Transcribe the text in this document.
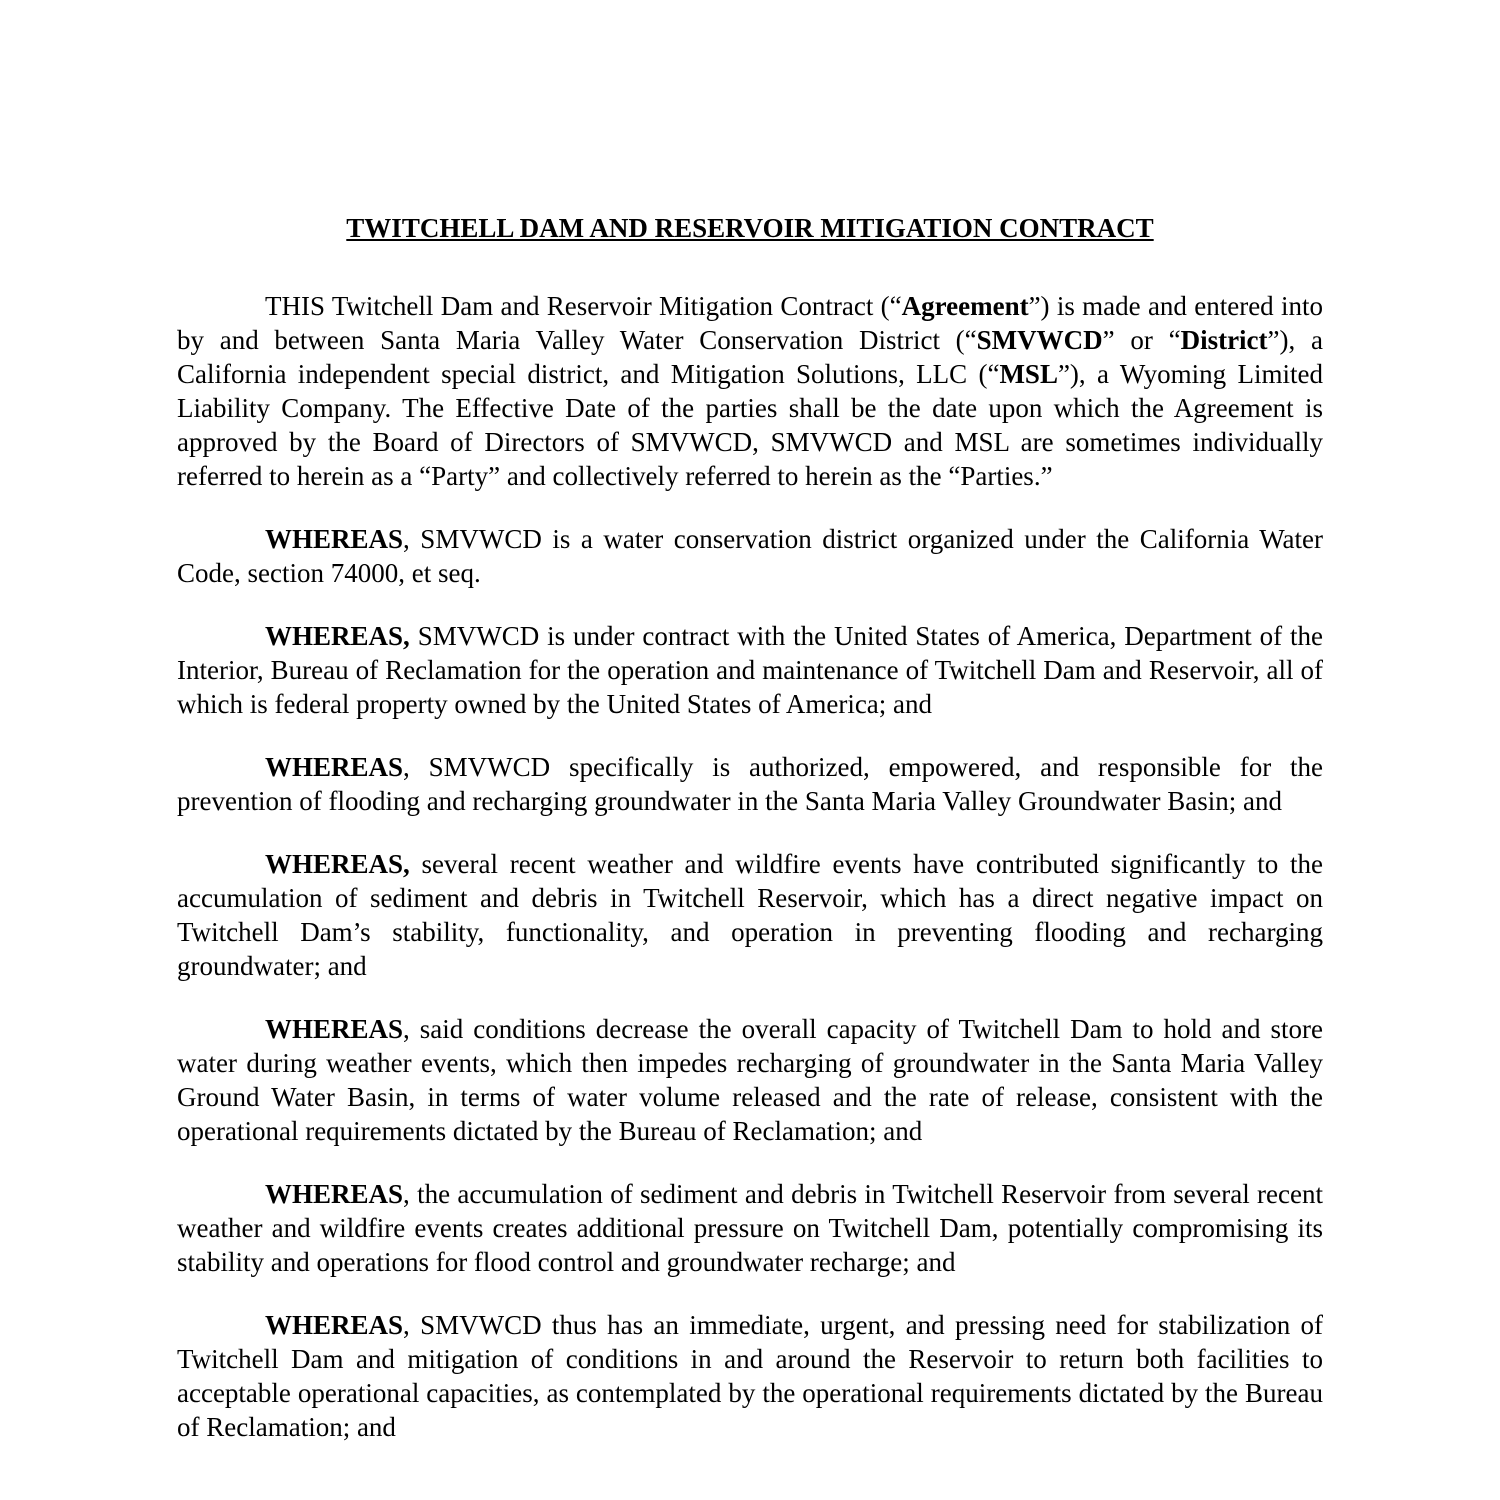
TWITCHELL DAM AND RESERVOIR MITIGATION CONTRACT

THIS Twitchell Dam and Reservoir Mitigation Contract (“Agreement”) is made and entered into by and between Santa Maria Valley Water Conservation District (“SMVWCD” or “District”), a California independent special district, and Mitigation Solutions, LLC (“MSL”), a Wyoming Limited Liability Company. The Effective Date of the parties shall be the date upon which the Agreement is approved by the Board of Directors of SMVWCD, SMVWCD and MSL are sometimes individually referred to herein as a “Party” and collectively referred to herein as the “Parties.”

WHEREAS, SMVWCD is a water conservation district organized under the California Water Code, section 74000, et seq.

WHEREAS, SMVWCD is under contract with the United States of America, Department of the Interior, Bureau of Reclamation for the operation and maintenance of Twitchell Dam and Reservoir, all of which is federal property owned by the United States of America; and

WHEREAS, SMVWCD specifically is authorized, empowered, and responsible for the prevention of flooding and recharging groundwater in the Santa Maria Valley Groundwater Basin; and

WHEREAS, several recent weather and wildfire events have contributed significantly to the accumulation of sediment and debris in Twitchell Reservoir, which has a direct negative impact on Twitchell Dam’s stability, functionality, and operation in preventing flooding and recharging groundwater; and

WHEREAS, said conditions decrease the overall capacity of Twitchell Dam to hold and store water during weather events, which then impedes recharging of groundwater in the Santa Maria Valley Ground Water Basin, in terms of water volume released and the rate of release, consistent with the operational requirements dictated by the Bureau of Reclamation; and

WHEREAS, the accumulation of sediment and debris in Twitchell Reservoir from several recent weather and wildfire events creates additional pressure on Twitchell Dam, potentially compromising its stability and operations for flood control and groundwater recharge; and

WHEREAS, SMVWCD thus has an immediate, urgent, and pressing need for stabilization of Twitchell Dam and mitigation of conditions in and around the Reservoir to return both facilities to acceptable operational capacities, as contemplated by the operational requirements dictated by the Bureau of Reclamation; and
